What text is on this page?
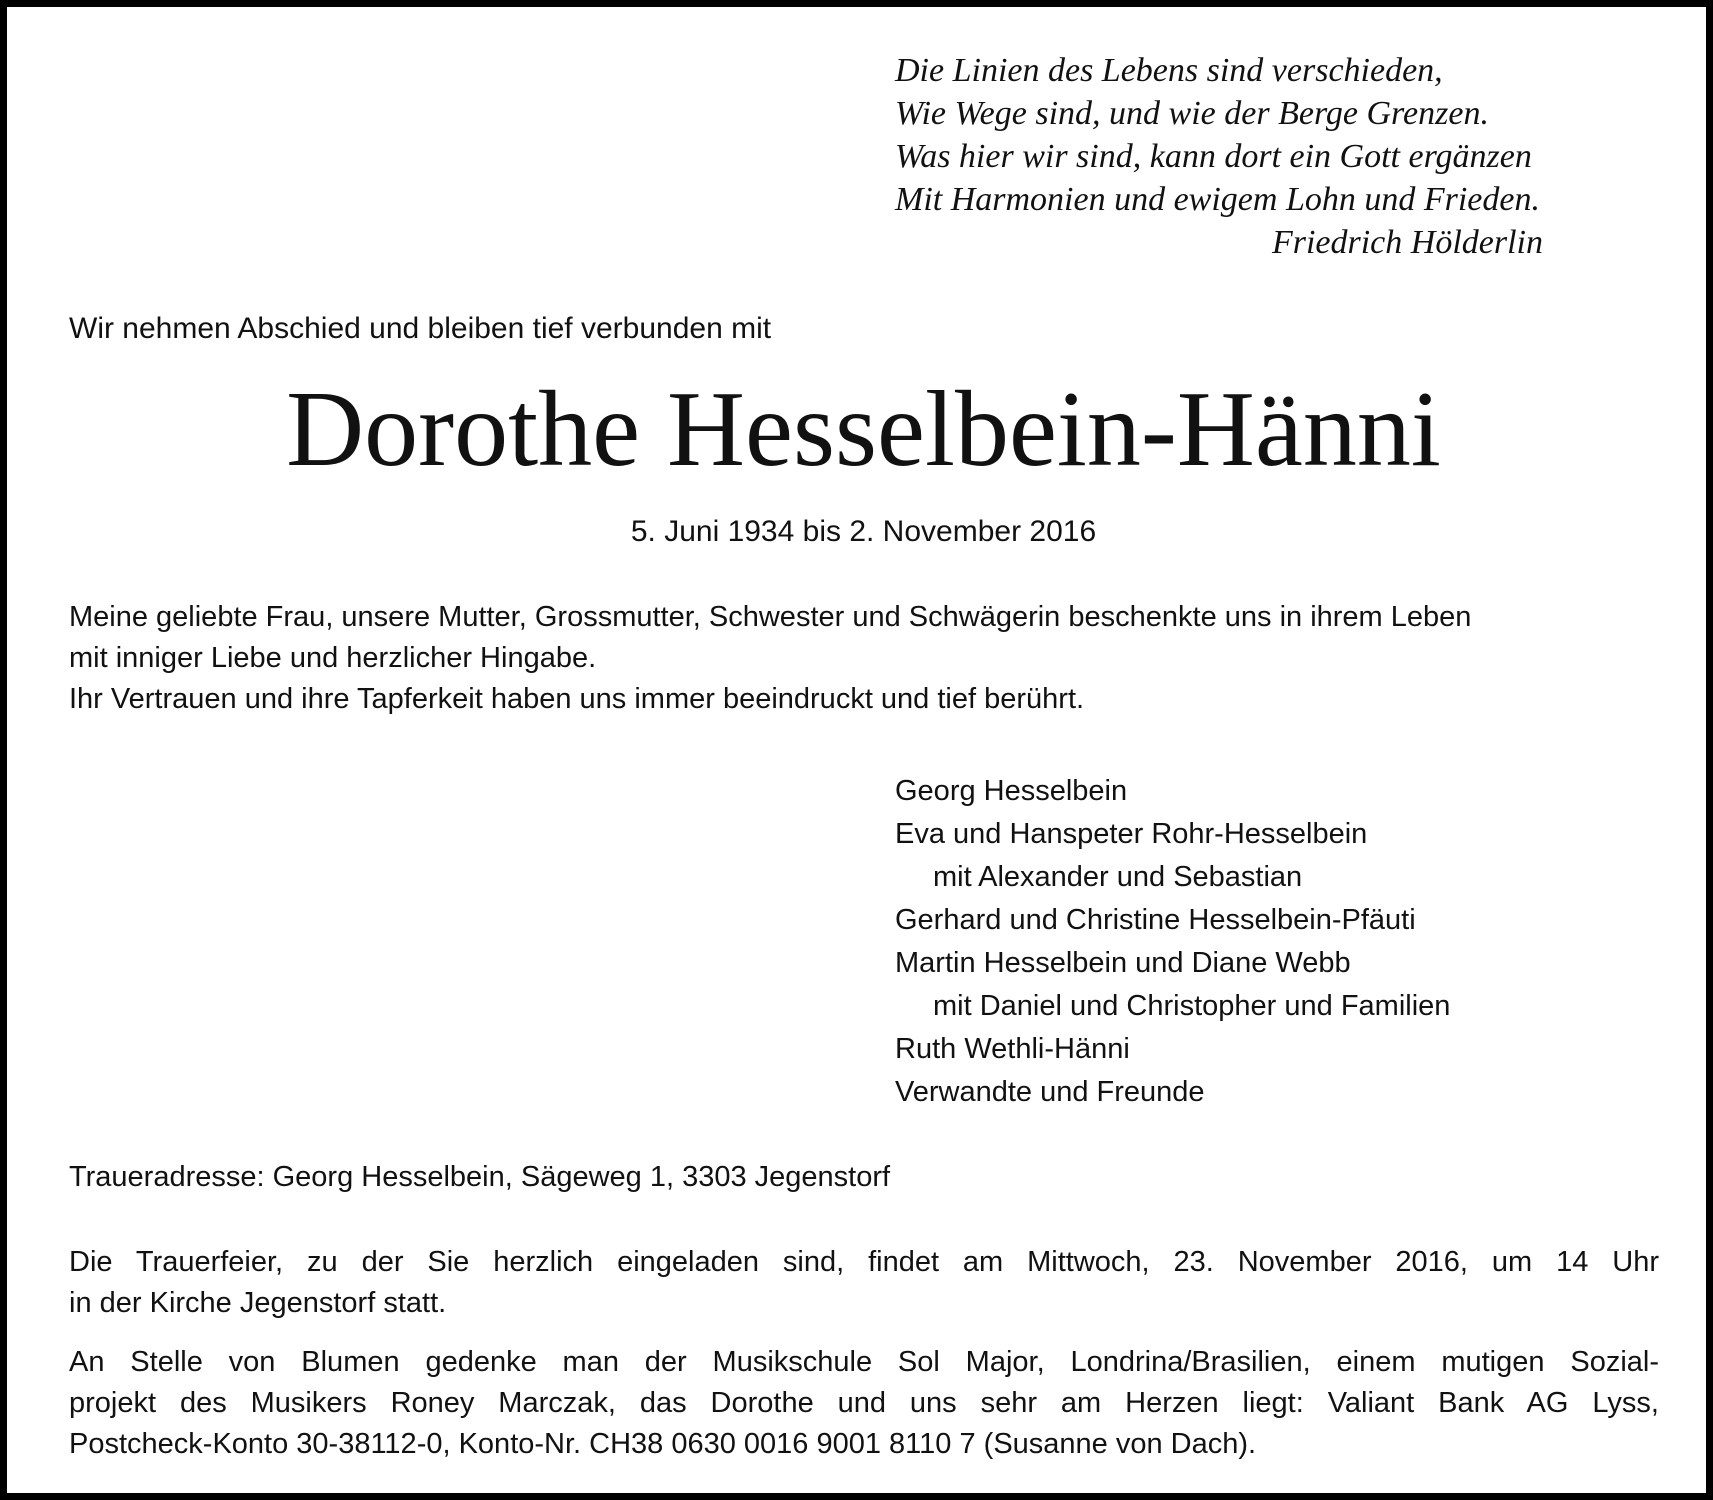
Die Linien des Lebens sind verschieden,
Wie Wege sind, und wie der Berge Grenzen.
Was hier wir sind, kann dort ein Gott ergänzen
Mit Harmonien und ewigem Lohn und Frieden.
Friedrich Hölderlin
Wir nehmen Abschied und bleiben tief verbunden mit
Dorothe Hesselbein-Hänni
5. Juni 1934 bis 2. November 2016
Meine geliebte Frau, unsere Mutter, Grossmutter, Schwester und Schwägerin beschenkte uns in ihrem Leben
mit inniger Liebe und herzlicher Hingabe.
Ihr Vertrauen und ihre Tapferkeit haben uns immer beeindruckt und tief berührt.
Georg Hesselbein
Eva und Hanspeter Rohr-Hesselbein
mit Alexander und Sebastian
Gerhard und Christine Hesselbein-Pfäuti
Martin Hesselbein und Diane Webb
mit Daniel und Christopher und Familien
Ruth Wethli-Hänni
Verwandte und Freunde
Traueradresse: Georg Hesselbein, Sägeweg 1, 3303 Jegenstorf
Die Trauerfeier, zu der Sie herzlich eingeladen sind, findet am Mittwoch, 23. November 2016, um 14 Uhr
in der Kirche Jegenstorf statt.
An Stelle von Blumen gedenke man der Musikschule Sol Major, Londrina/Brasilien, einem mutigen Sozial-
projekt des Musikers Roney Marczak, das Dorothe und uns sehr am Herzen liegt: Valiant Bank AG Lyss,
Postcheck-Konto 30-38112-0, Konto-Nr. CH38 0630 0016 9001 8110 7 (Susanne von Dach).
